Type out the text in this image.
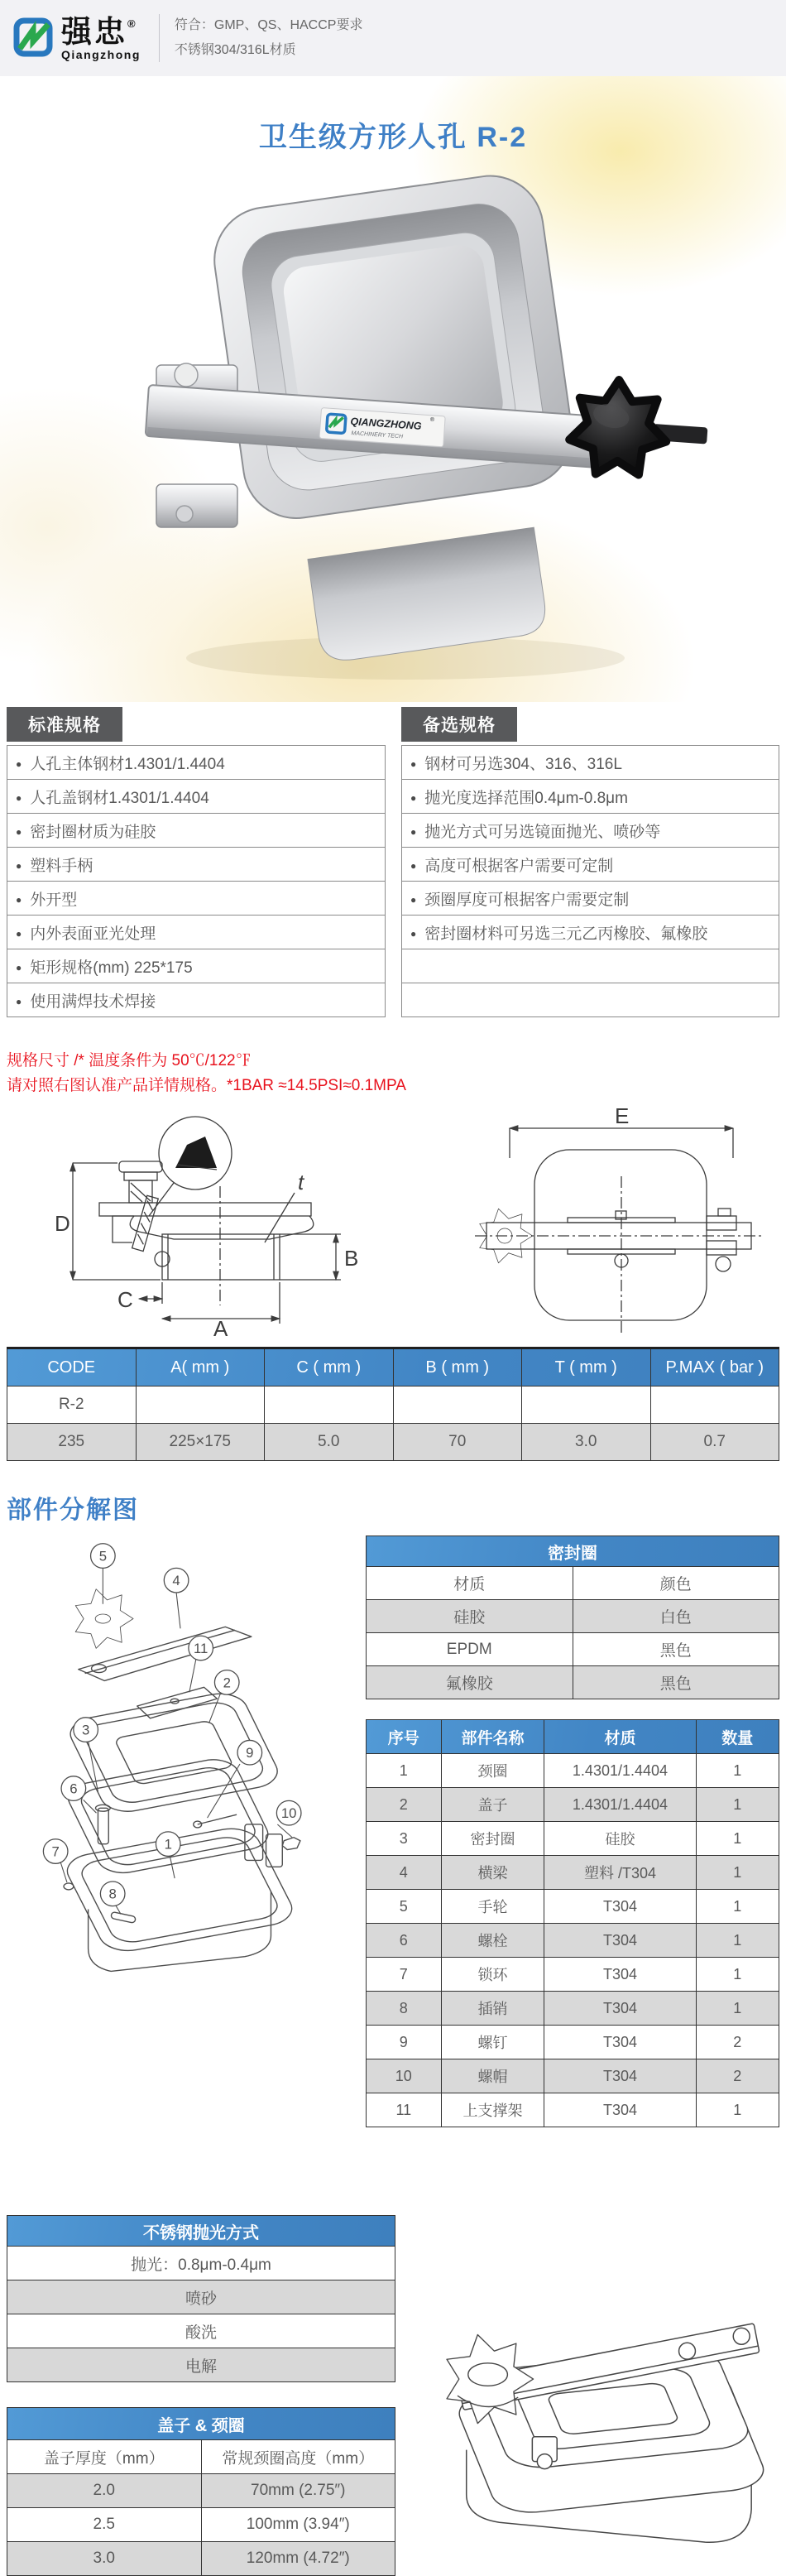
强忠®
Qiangzhong
符合：GMP、QS、HACCP要求
不锈钢304/316L材质
卫生级方形人孔 R-2
QIANGZHONG ®
MACHINERY TECH
标准规格
● 人孔主体钢材1.4301/1.4404
● 人孔盖钢材1.4301/1.4404
● 密封圈材质为硅胶
● 塑料手柄
● 外开型
● 内外表面亚光处理
● 矩形规格(mm) 225*175
● 使用满焊技术焊接
备选规格
● 钢材可另选304、316、316L
● 抛光度选择范围0.4μm-0.8μm
● 抛光方式可另选镜面抛光、喷砂等
● 高度可根据客户需要可定制
● 颈圈厚度可根据客户需要定制
● 密封圈材料可另选三元乙丙橡胶、氟橡胶
规格尺寸 /* 温度条件为 50℃/122℉
请对照右图认准产品详情规格。*1BAR ≈14.5PSI≈0.1MPA
D
C
A
B
t
E
CODE	A( mm )	C ( mm )	B ( mm )	T ( mm )	P.MAX ( bar )
R-2					
235	225×175	5.0	70	3.0	0.7
部件分解图
5
4
11
2
3
9
6
10
7	1
8
密封圈	
材质	颜色
硅胶	白色
EPDM	黑色
氟橡胶	黑色
序号	部件名称	材质	数量
1	颈圈	1.4301/1.4404	1
2	盖子	1.4301/1.4404	1
3	密封圈	硅胶	1
4	横梁	塑料 /T304	1
5	手轮	T304	1
6	螺栓	T304	1
7	锁环	T304	1
8	插销	T304	1
9	螺钉	T304	2
10	螺帽	T304	2
11	上支撑架	T304	1
不锈钢抛光方式
抛光：0.8μm-0.4μm
喷砂
酸洗
电解
盖子 & 颈圈	
盖子厚度（mm）	常规颈圈高度（mm）
2.0	70mm (2.75″)
2.5	100mm (3.94″)
3.0	120mm (4.72″)
